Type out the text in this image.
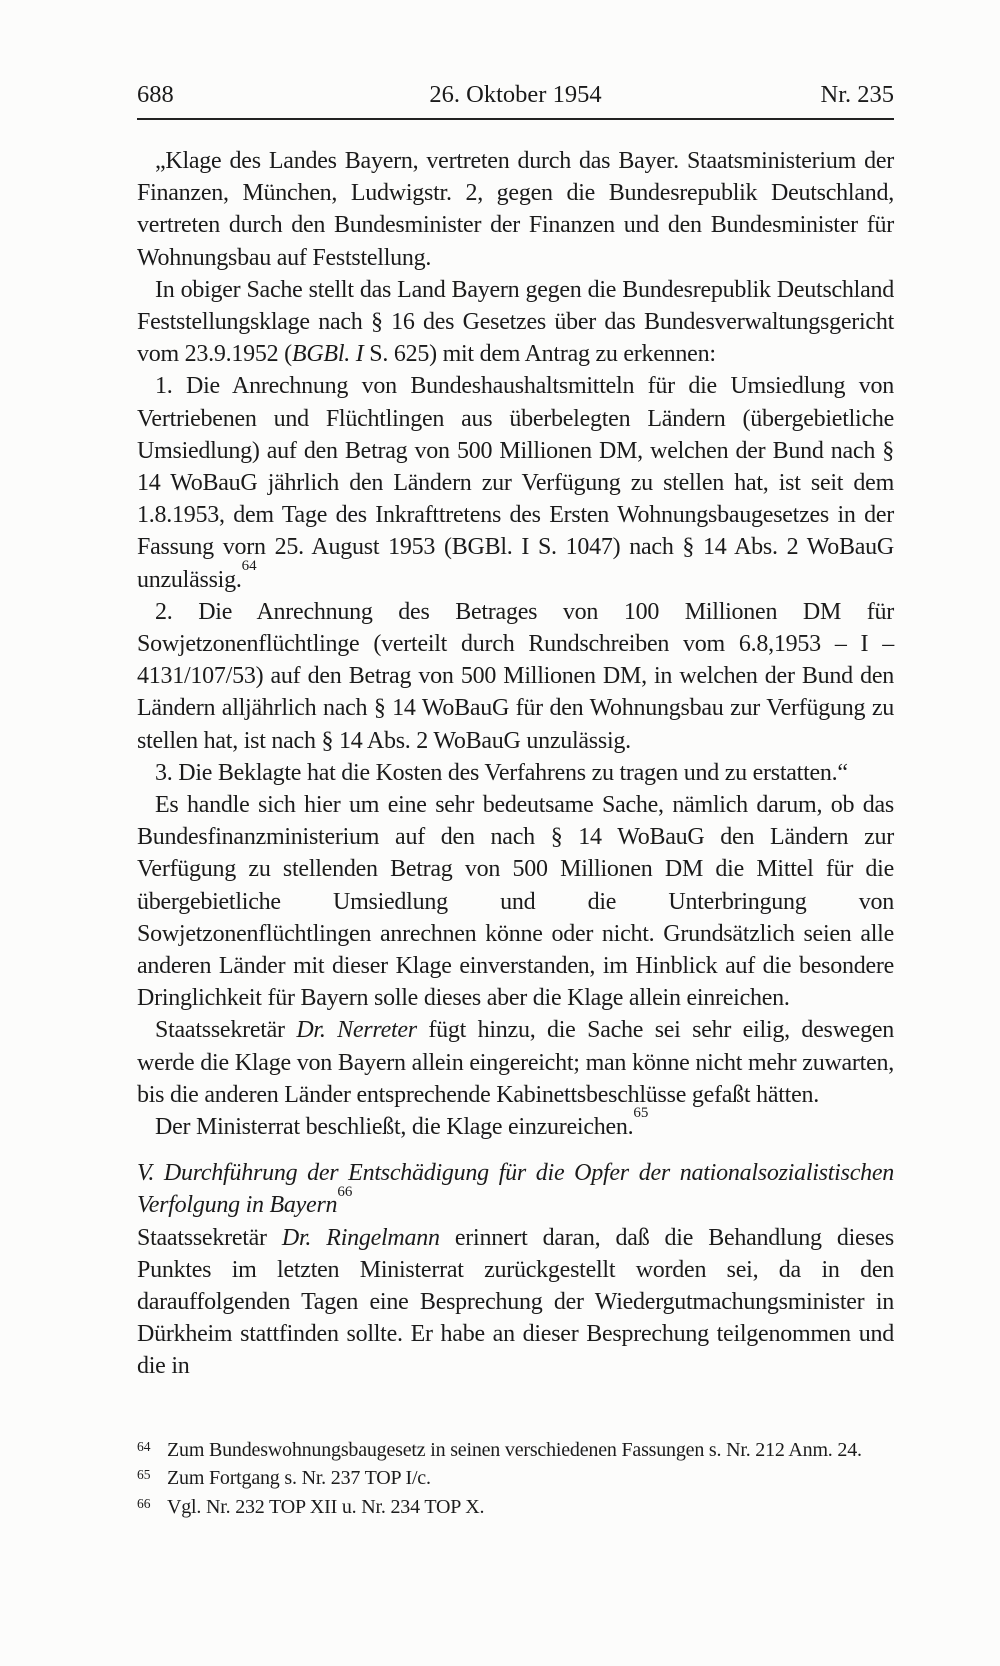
688	26. Oktober 1954	Nr. 235

„Klage des Landes Bayern, vertreten durch das Bayer. Staatsministerium der Finanzen, München, Ludwigstr. 2, gegen die Bundesrepublik Deutschland, vertreten durch den Bundesminister der Finanzen und den Bundesminister für Wohnungsbau auf Feststellung.

In obiger Sache stellt das Land Bayern gegen die Bundesrepublik Deutschland Feststellungsklage nach § 16 des Gesetzes über das Bundesverwaltungsgericht vom 23.9.1952 (BGBl. I S. 625) mit dem Antrag zu erkennen:

1. Die Anrechnung von Bundeshaushaltsmitteln für die Umsiedlung von Vertriebenen und Flüchtlingen aus überbelegten Ländern (übergebietliche Umsiedlung) auf den Betrag von 500 Millionen DM, welchen der Bund nach § 14 WoBauG jährlich den Ländern zur Verfügung zu stellen hat, ist seit dem 1.8.1953, dem Tage des Inkrafttretens des Ersten Wohnungsbaugesetzes in der Fassung vorn 25. August 1953 (BGBl. I S. 1047) nach § 14 Abs. 2 WoBauG unzulässig.$^{64}$

2. Die Anrechnung des Betrages von 100 Millionen DM für Sowjetzonenflüchtlinge (verteilt durch Rundschreiben vom 6.8,1953 – I – 4131/107/53) auf den Betrag von 500 Millionen DM, in welchen der Bund den Ländern alljährlich nach § 14 WoBauG für den Wohnungsbau zur Verfügung zu stellen hat, ist nach § 14 Abs. 2 WoBauG unzulässig.

3. Die Beklagte hat die Kosten des Verfahrens zu tragen und zu erstatten.“

Es handle sich hier um eine sehr bedeutsame Sache, nämlich darum, ob das Bundesfinanzministerium auf den nach § 14 WoBauG den Ländern zur Verfügung zu stellenden Betrag von 500 Millionen DM die Mittel für die übergebietliche Umsiedlung und die Unterbringung von Sowjetzonenflüchtlingen anrechnen könne oder nicht. Grundsätzlich seien alle anderen Länder mit dieser Klage einverstanden, im Hinblick auf die besondere Dringlichkeit für Bayern solle dieses aber die Klage allein einreichen.

Staatssekretär Dr. Nerreter fügt hinzu, die Sache sei sehr eilig, deswegen werde die Klage von Bayern allein eingereicht; man könne nicht mehr zuwarten, bis die anderen Länder entsprechende Kabinettsbeschlüsse gefaßt hätten.

Der Ministerrat beschließt, die Klage einzureichen.$^{65}$

V. Durchführung der Entschädigung für die Opfer der nationalsozialistischen Verfolgung in Bayern$^{66}$

Staatssekretär Dr. Ringelmann erinnert daran, daß die Behandlung dieses Punktes im letzten Ministerrat zurückgestellt worden sei, da in den darauffolgenden Tagen eine Besprechung der Wiedergutmachungsminister in Dürkheim stattfinden sollte. Er habe an dieser Besprechung teilgenommen und die in

64 Zum Bundeswohnungsbaugesetz in seinen verschiedenen Fassungen s. Nr. 212 Anm. 24.
65 Zum Fortgang s. Nr. 237 TOP I/c.
66 Vgl. Nr. 232 TOP XII u. Nr. 234 TOP X.
